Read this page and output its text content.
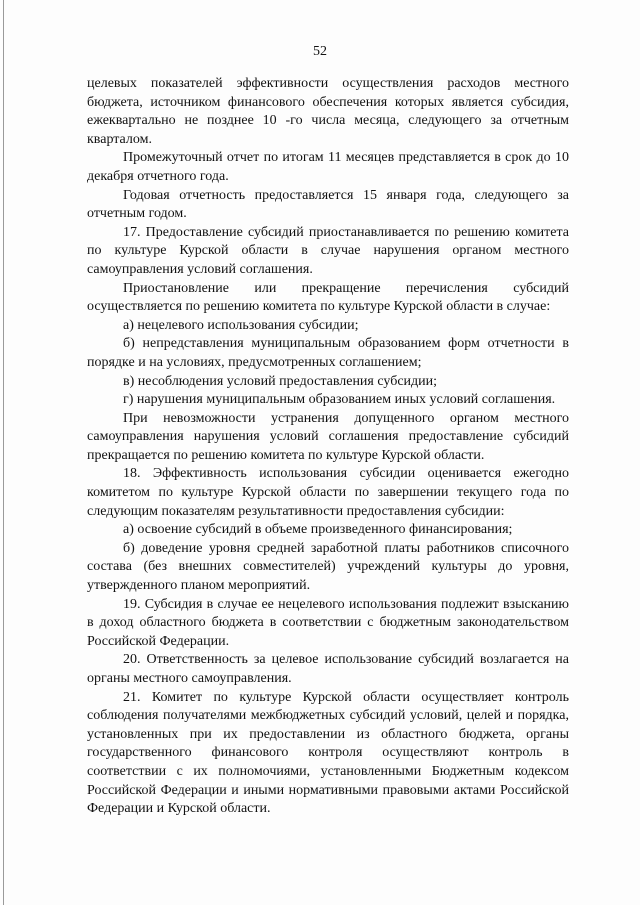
52

целевых показателей эффективности осуществления расходов местного бюджета, источником финансового обеспечения которых является субсидия, ежеквартально не позднее 10 -го числа месяца, следующего за отчетным кварталом.

Промежуточный отчет по итогам 11 месяцев представляется в срок до 10 декабря отчетного года.

Годовая отчетность предоставляется 15 января года, следующего за отчетным годом.

17. Предоставление субсидий приостанавливается по решению комитета по культуре Курской области в случае нарушения органом местного самоуправления условий соглашения.

Приостановление или прекращение перечисления субсидий осуществляется по решению комитета по культуре Курской области в случае:

а) нецелевого использования субсидии;

б) непредставления муниципальным образованием форм отчетности в порядке и на условиях, предусмотренных соглашением;

в) несоблюдения условий предоставления субсидии;

г) нарушения муниципальным образованием иных условий соглашения.

При невозможности устранения допущенного органом местного самоуправления нарушения условий соглашения предоставление субсидий прекращается по решению комитета по культуре Курской области.

18. Эффективность использования субсидии оценивается ежегодно комитетом по культуре Курской области по завершении текущего года по следующим показателям результативности предоставления субсидии:

а) освоение субсидий в объеме произведенного финансирования;

б) доведение уровня средней заработной платы работников списочного состава (без внешних совместителей) учреждений культуры до уровня, утвержденного планом мероприятий.

19. Субсидия в случае ее нецелевого использования подлежит взысканию в доход областного бюджета в соответствии с бюджетным законодательством Российской Федерации.

20. Ответственность за целевое использование субсидий возлагается на органы местного самоуправления.

21. Комитет по культуре Курской области осуществляет контроль соблюдения получателями межбюджетных субсидий условий, целей и порядка, установленных при их предоставлении из областного бюджета, органы государственного финансового контроля осуществляют контроль в соответствии с их полномочиями, установленными Бюджетным кодексом Российской Федерации и иными нормативными правовыми актами Российской Федерации и Курской области.
